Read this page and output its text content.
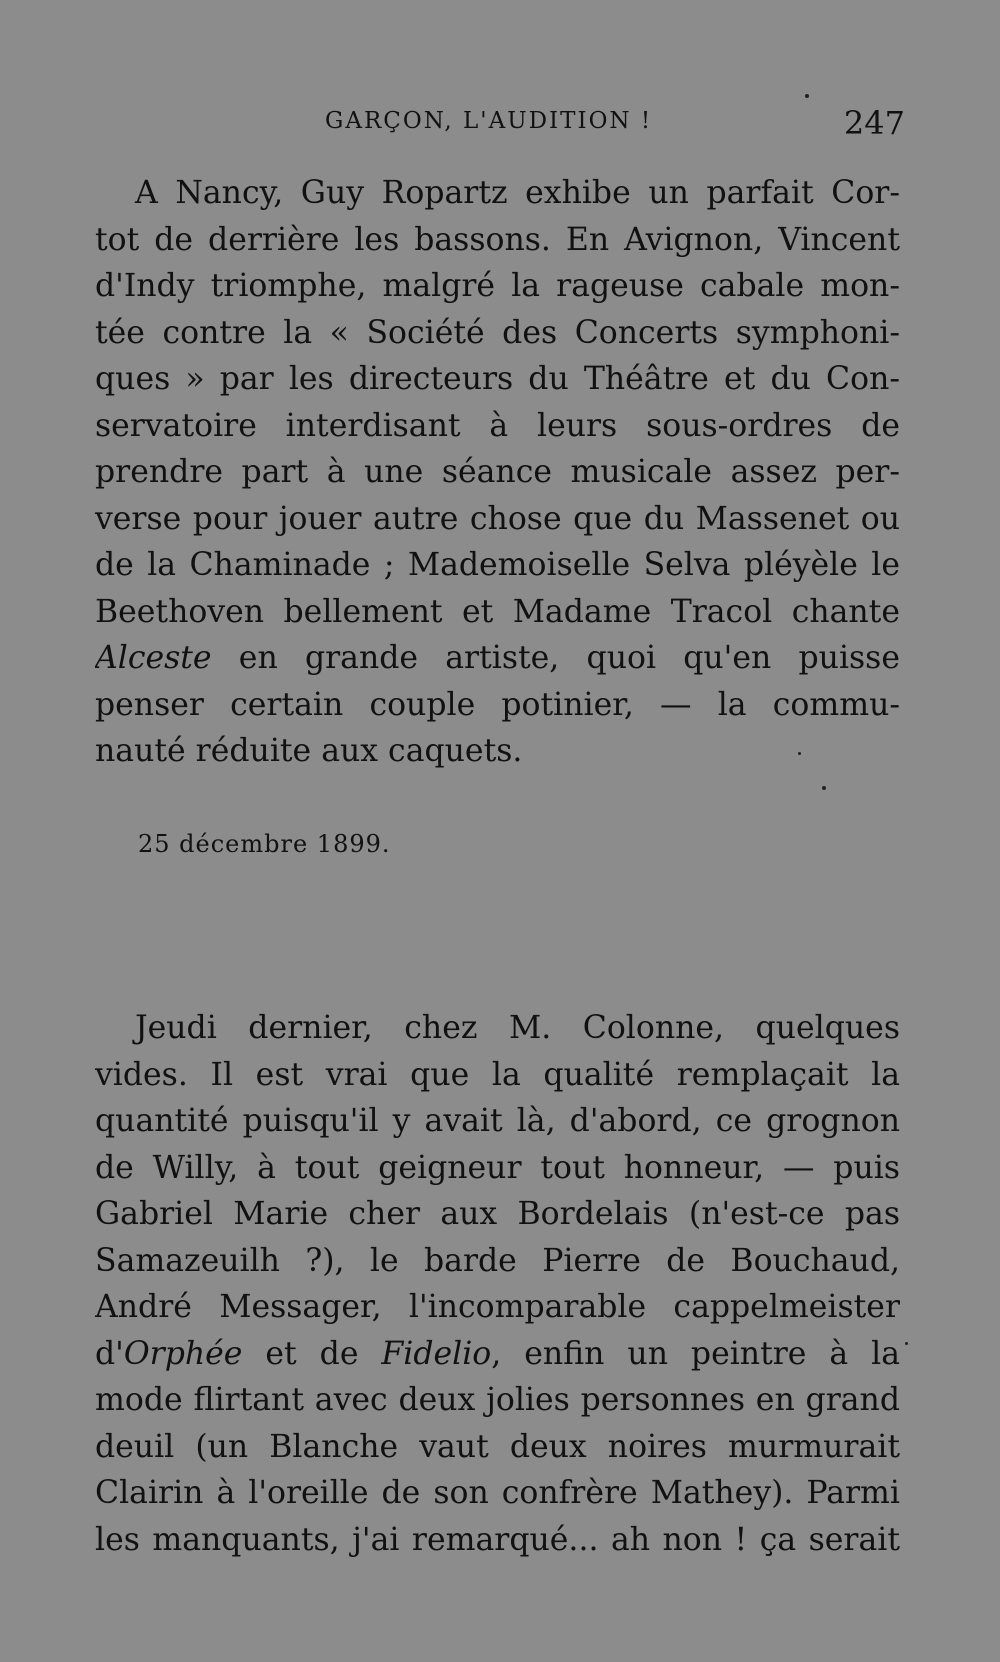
GARÇON, L'AUDITION !	247
A Nancy, Guy Ropartz exhibe un parfait Cor-
tot de derrière les bassons. En Avignon, Vincent
d'Indy triomphe, malgré la rageuse cabale mon-
tée contre la « Société des Concerts symphoni-
ques » par les directeurs du Théâtre et du Con-
servatoire interdisant à leurs sous-ordres de
prendre part à une séance musicale assez per-
verse pour jouer autre chose que du Massenet ou
de la Chaminade ; Mademoiselle Selva pléyèle le
Beethoven bellement et Madame Tracol chante
Alceste en grande artiste, quoi qu'en puisse
penser certain couple potinier, — la commu-
nauté réduite aux caquets.
25 décembre 1899.
Jeudi dernier, chez M. Colonne, quelques
vides. Il est vrai que la qualité remplaçait la
quantité puisqu'il y avait là, d'abord, ce grognon
de Willy, à tout geigneur tout honneur, — puis
Gabriel Marie cher aux Bordelais (n'est-ce pas
Samazeuilh ?), le barde Pierre de Bouchaud,
André Messager, l'incomparable cappelmeister
d'Orphée et de Fidelio, enfin un peintre à la
mode flirtant avec deux jolies personnes en grand
deuil (un Blanche vaut deux noires murmurait
Clairin à l'oreille de son confrère Mathey). Parmi
les manquants, j'ai remarqué... ah non ! ça serait
